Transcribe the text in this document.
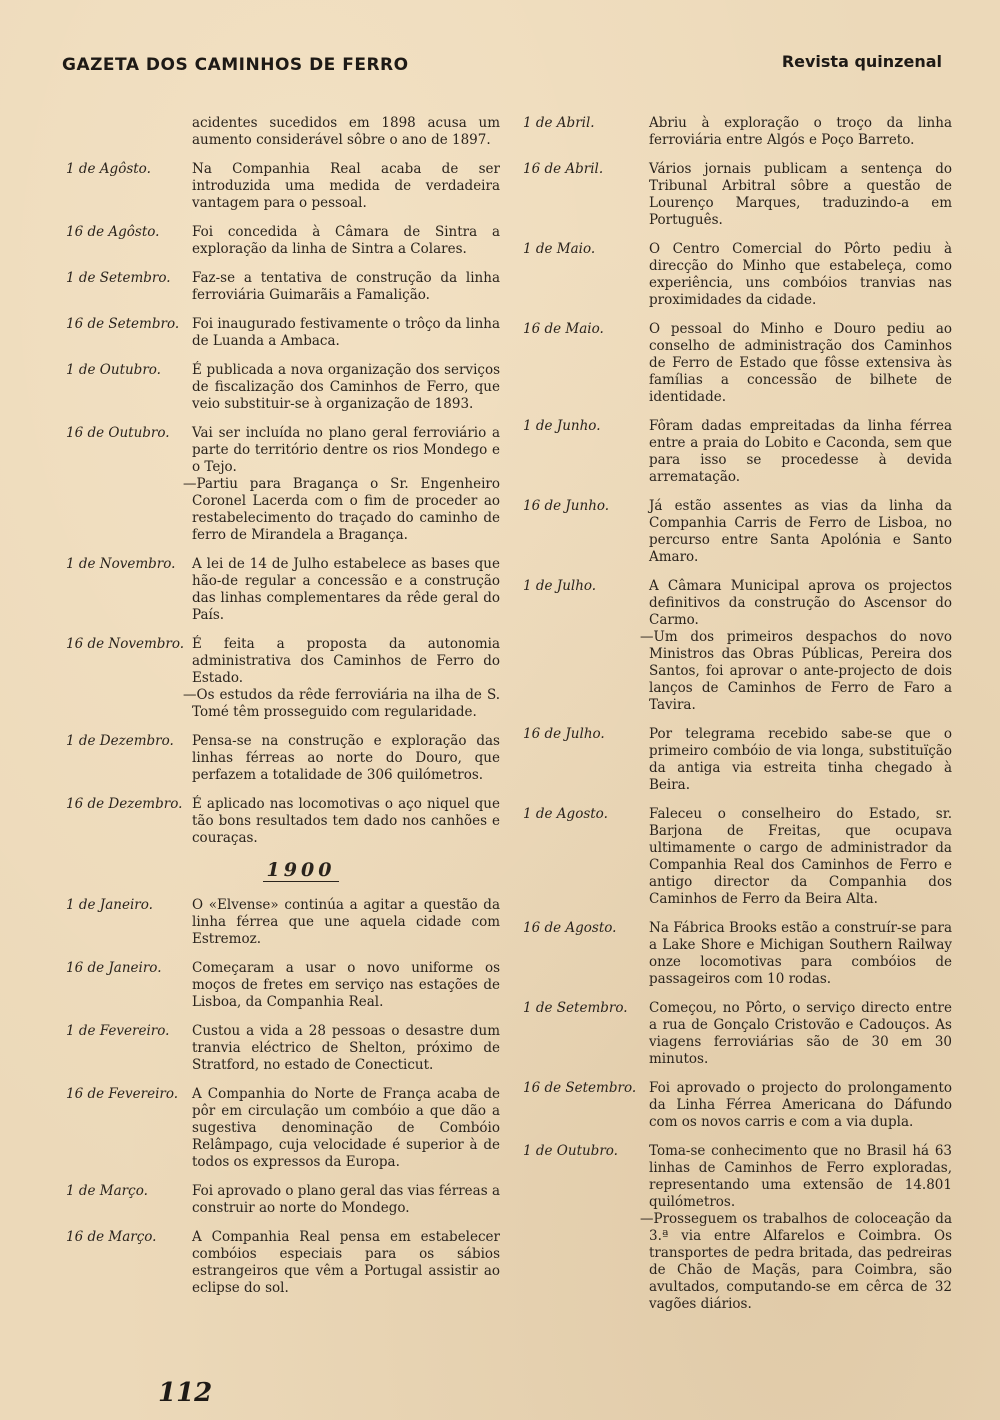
GAZETA DOS CAMINHOS DE FERRO	Revista quinzenal

acidentes sucedidos em 1898 acusa um aumento considerável sôbre o ano de 1897.

1 de Agôsto.	Na Companhia Real acaba de ser introduzida uma medida de verdadeira vantagem para o pessoal.

16 de Agôsto.	Foi concedida à Câmara de Sintra a exploração da linha de Sintra a Colares.

1 de Setembro.	Faz-se a tentativa de construção da linha ferroviária Guimarãis a Famalição.

16 de Setembro. Foi inaugurado festivamente o trôço da linha de Luanda a Ambaca.

1 de Outubro.	É publicada a nova organização dos serviços de fiscalização dos Caminhos de Ferro, que veio substituir-se à organização de 1893.

16 de Outubro.	Vai ser incluída no plano geral ferroviário a parte do território dentre os rios Mondego e o Tejo.

—Partiu para Bragança o Sr. Engenheiro Coronel Lacerda com o fim de proceder ao restabelecimento do traçado do caminho de ferro de Mirandela a Bragança.

1 de Novembro.	A lei de 14 de Julho estabelece as bases que hão-de regular a concessão e a construção das linhas complementares da rêde geral do País.

16 de Novembro. É feita a proposta da autonomia administrativa dos Caminhos de Ferro do Estado.

—Os estudos da rêde ferroviária na ilha de S. Tomé têm prosseguido com regularidade.

1 de Dezembro.	Pensa-se na construção e exploração das linhas férreas ao norte do Douro, que perfazem a totalidade de 306 quilómetros.

16 de Dezembro. É aplicado nas locomotivas o aço niquel que tão bons resultados tem dado nos canhões e couraças.

1900
1 de Janeiro.	O «Elvense» continúa a agitar a questão da linha férrea que une aquela cidade com Estremoz.

16 de Janeiro.	Começaram a usar o novo uniforme os moços de fretes em serviço nas estações de Lisboa, da Companhia Real.

1 de Fevereiro.	Custou a vida a 28 pessoas o desastre dum tranvia eléctrico de Shelton, próximo de Stratford, no estado de Conecticut.

16 de Fevereiro.	A Companhia do Norte de França acaba de pôr em circulação um combóio a que dão a sugestiva denominação de Combóio Relâmpago, cuja velocidade é superior à de todos os expressos da Europa.

1 de Março.	Foi aprovado o plano geral das vias férreas a construir ao norte do Mondego.

16 de Março.	A Companhia Real pensa em estabelecer combóios especiais para os sábios estrangeiros que vêm a Portugal assistir ao eclipse do sol.

1 de Abril.	Abriu à exploração o troço da linha ferroviária entre Algós e Poço Barreto.

16 de Abril.	Vários jornais publicam a sentença do Tribunal Arbitral sôbre a questão de Lourenço Marques, traduzindo-a em Português.

1 de Maio.	O Centro Comercial do Pôrto pediu à direcção do Minho que estabeleça, como experiência, uns combóios tranvias nas proximidades da cidade.

16 de Maio.	O pessoal do Minho e Douro pediu ao conselho de administração dos Caminhos de Ferro de Estado que fôsse extensiva às famílias a concessão de bilhete de identidade.

1 de Junho.	Fôram dadas empreitadas da linha férrea entre a praia do Lobito e Caconda, sem que para isso se procedesse à devida arrematação.

16 de Junho.	Já estão assentes as vias da linha da Companhia Carris de Ferro de Lisboa, no percurso entre Santa Apolónia e Santo Amaro.

1 de Julho.	A Câmara Municipal aprova os projectos definitivos da construção do Ascensor do Carmo.

—Um dos primeiros despachos do novo Ministros das Obras Públicas, Pereira dos Santos, foi aprovar o ante-projecto de dois lanços de Caminhos de Ferro de Faro a Tavira.

16 de Julho.	Por telegrama recebido sabe-se que o primeiro combóio de via longa, substituïção da antiga via estreita tinha chegado à Beira.

1 de Agosto.	Faleceu o conselheiro do Estado, sr. Barjona de Freitas, que ocupava ultimamente o cargo de administrador da Companhia Real dos Caminhos de Ferro e antigo director da Companhia dos Caminhos de Ferro da Beira Alta.

16 de Agosto.	Na Fábrica Brooks estão a construír-se para a Lake Shore e Michigan Southern Railway onze locomotivas para combóios de passageiros com 10 rodas.

1 de Setembro.	Começou, no Pôrto, o serviço directo entre a rua de Gonçalo Cristovão e Cadouços. As viagens ferroviárias são de 30 em 30 minutos.

16 de Setembro. Foi aprovado o projecto do prolongamento da Linha Férrea Americana do Dáfundo com os novos carris e com a via dupla.

1 de Outubro.	Toma-se conhecimento que no Brasil há 63 linhas de Caminhos de Ferro exploradas, representando uma extensão de 14.801 quilómetros.

—Prosseguem os trabalhos de coloceação da 3.ª via entre Alfarelos e Coimbra. Os transportes de pedra britada, das pedreiras de Chão de Maçãs, para Coimbra, são avultados, computando-se em cêrca de 32 vagões diários.

112
